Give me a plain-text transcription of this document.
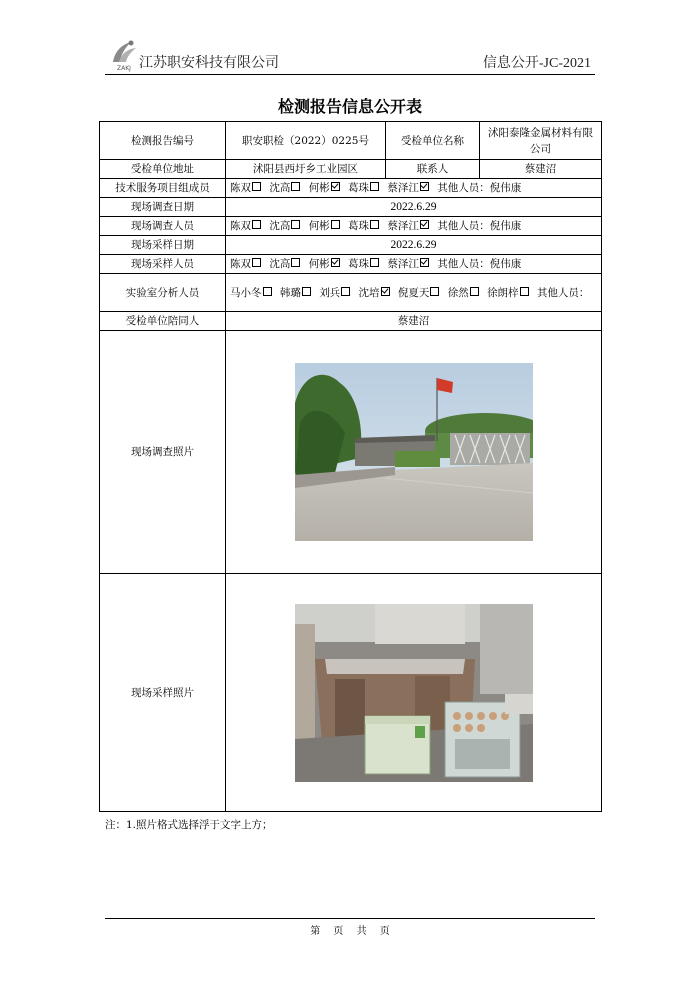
ZAKJ 江苏职安科技有限公司	信息公开-JC-2021
检测报告信息公开表
检测报告编号	职安职检（2022）0225号	受检单位名称	沭阳泰隆金属材料有限公司
受检单位地址	沭阳县西圩乡工业园区	联系人	蔡建沼
技术服务项目组成员	陈双 沈高 何彬 葛珠 蔡泽江 其他人员：倪伟康		
现场调查日期	2022.6.29		
现场调查人员	陈双 沈高 何彬 葛珠 蔡泽江 其他人员：倪伟康		
现场采样日期	2022.6.29		
现场采样人员	陈双 沈高 何彬 葛珠 蔡泽江 其他人员：倪伟康		
实验室分析人员	马小冬 韩璐 刘兵 沈培 倪夏天 徐然 徐朗梓 其他人员：		
受检单位陪同人	蔡建沼		
现场调查照片	

现场采样照片	
注：1.照片格式选择浮于文字上方；
第 页 共 页
